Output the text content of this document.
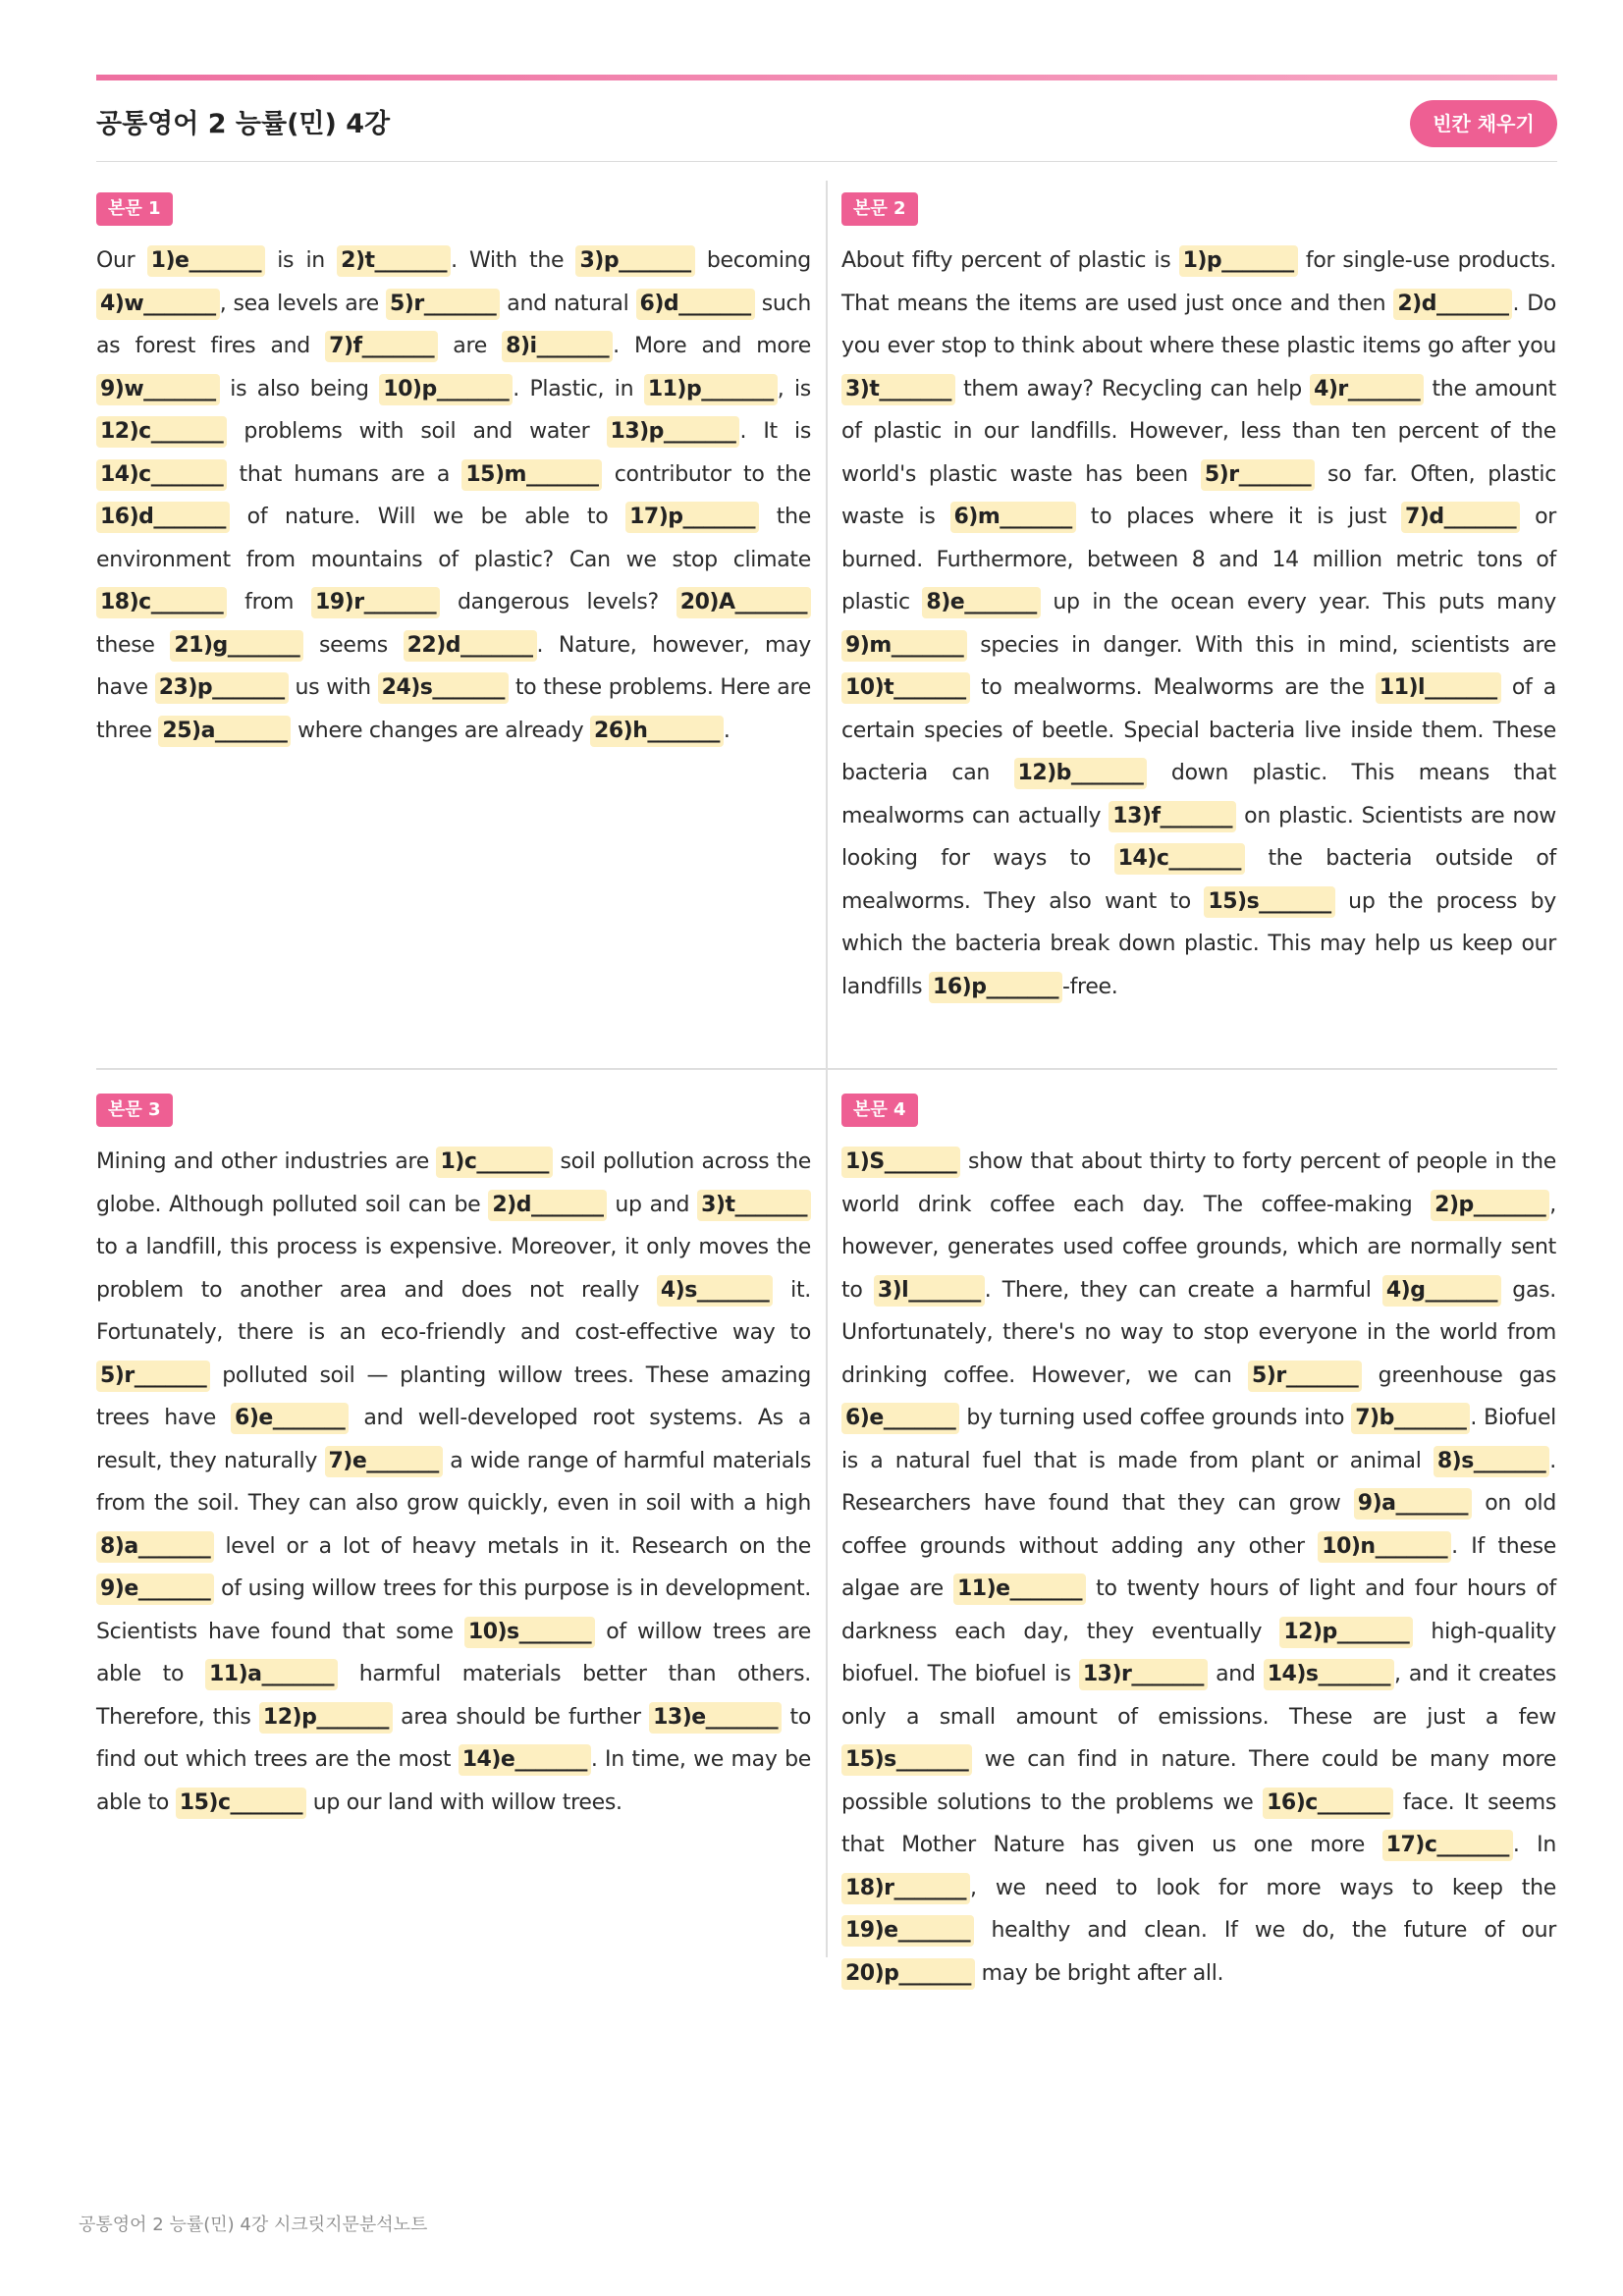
공통영어 2 능률(민) 4강	빈칸 채우기
본문 1
Our 1)e_______ is in 2)t_______ . With the 3)p_______ becoming 4)w_______ , sea levels are 5)r_______ and natural 6)d_______ such as forest fires and 7)f_______ are 8)i_______ . More and more 9)w_______ is also being 10)p_______ . Plastic, in 11)p_______ , is 12)c_______ problems with soil and water 13)p_______ . It is 14)c_______ that humans are a 15)m_______ contributor to the 16)d_______ of nature. Will we be able to 17)p_______ the environment from mountains of plastic? Can we stop climate 18)c_______ from 19)r_______ dangerous levels? 20)A_______ these 21)g_______ seems 22)d_______ . Nature, however, may have 23)p_______ us with 24)s_______ to these problems. Here are three 25)a_______ where changes are already 26)h_______ .
본문 2
About fifty percent of plastic is 1)p_______ for single-use products. That means the items are used just once and then 2)d_______ . Do you ever stop to think about where these plastic items go after you 3)t_______ them away? Recycling can help 4)r_______ the amount of plastic in our landfills. However, less than ten percent of the world's plastic waste has been 5)r_______ so far. Often, plastic waste is 6)m_______ to places where it is just 7)d_______ or burned. Furthermore, between 8 and 14 million metric tons of plastic 8)e_______ up in the ocean every year. This puts many 9)m_______ species in danger. With this in mind, scientists are 10)t_______ to mealworms. Mealworms are the 11)l_______ of a certain species of beetle. Special bacteria live inside them. These bacteria can 12)b_______ down plastic. This means that mealworms can actually 13)f_______ on plastic. Scientists are now looking for ways to 14)c_______ the bacteria outside of mealworms. They also want to 15)s_______ up the process by which the bacteria break down plastic. This may help us keep our landfills 16)p_______ -free.
본문 3
Mining and other industries are 1)c_______ soil pollution across the globe. Although polluted soil can be 2)d_______ up and 3)t_______ to a landfill, this process is expensive. Moreover, it only moves the problem to another area and does not really 4)s_______ it. Fortunately, there is an eco-friendly and cost-effective way to 5)r_______ polluted soil — planting willow trees. These amazing trees have 6)e_______ and well-developed root systems. As a result, they naturally 7)e_______ a wide range of harmful materials from the soil. They can also grow quickly, even in soil with a high 8)a_______ level or a lot of heavy metals in it. Research on the 9)e_______ of using willow trees for this purpose is in development. Scientists have found that some 10)s_______ of willow trees are able to 11)a_______ harmful materials better than others. Therefore, this 12)p_______ area should be further 13)e_______ to find out which trees are the most 14)e_______ . In time, we may be able to 15)c_______ up our land with willow trees.
본문 4
1)S_______ show that about thirty to forty percent of people in the world drink coffee each day. The coffee-making 2)p_______ , however, generates used coffee grounds, which are normally sent to 3)l_______ . There, they can create a harmful 4)g_______ gas. Unfortunately, there's no way to stop everyone in the world from drinking coffee. However, we can 5)r_______ greenhouse gas 6)e_______ by turning used coffee grounds into 7)b_______ . Biofuel is a natural fuel that is made from plant or animal 8)s_______ . Researchers have found that they can grow 9)a_______ on old coffee grounds without adding any other 10)n_______ . If these algae are 11)e_______ to twenty hours of light and four hours of darkness each day, they eventually 12)p_______ high-quality biofuel. The biofuel is 13)r_______ and 14)s_______ , and it creates only a small amount of emissions. These are just a few 15)s_______ we can find in nature. There could be many more possible solutions to the problems we 16)c_______ face. It seems that Mother Nature has given us one more 17)c_______ . In 18)r_______ , we need to look for more ways to keep the 19)e_______ healthy and clean. If we do, the future of our 20)p_______ may be bright after all.
공통영어 2 능률(민) 4강 시크릿지문분석노트
